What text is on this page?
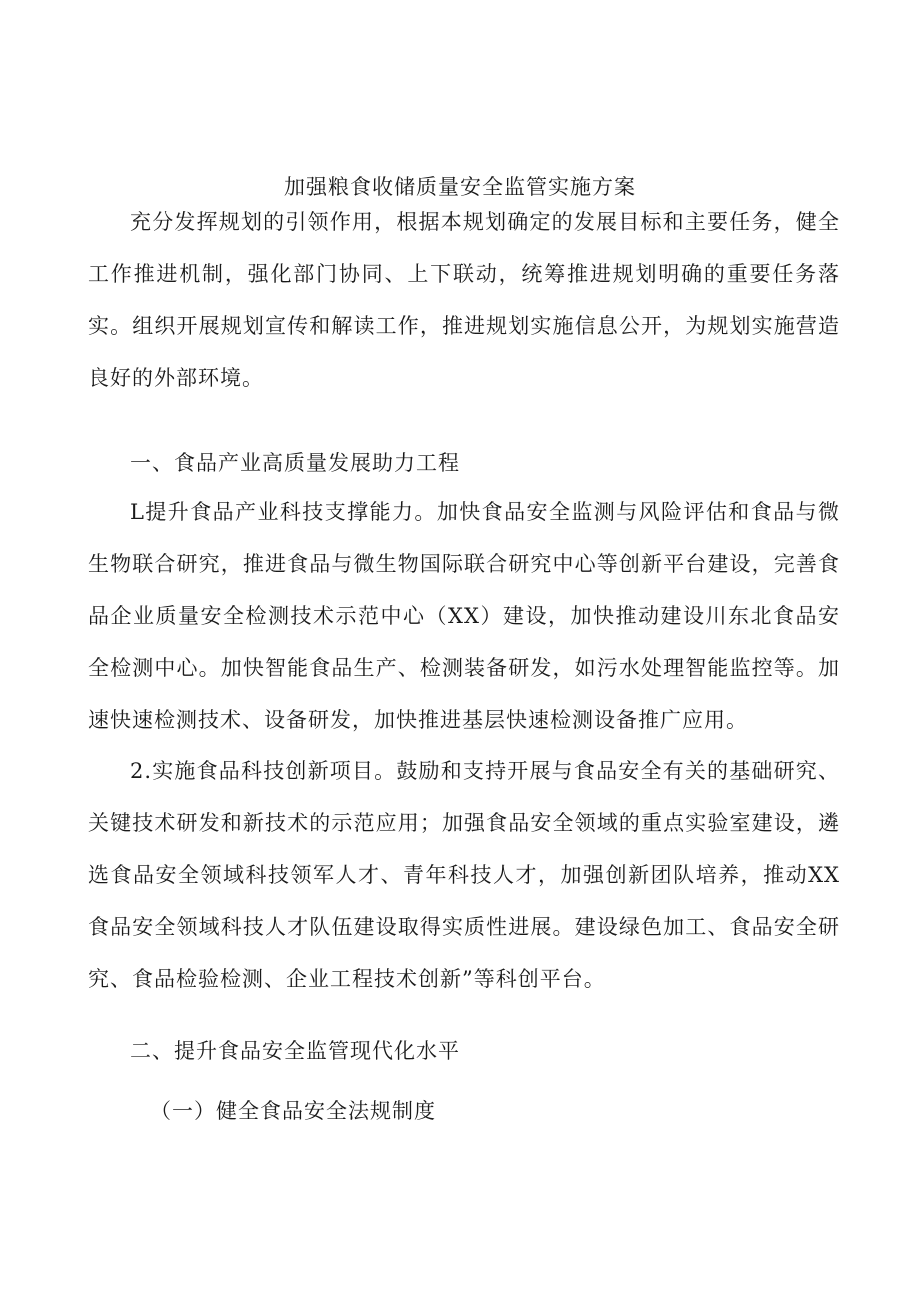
加强粮食收储质量安全监管实施方案

充分发挥规划的引领作用，根据本规划确定的发展目标和主要任务，健全工作推进机制，强化部门协同、上下联动，统筹推进规划明确的重要任务落实。组织开展规划宣传和解读工作，推进规划实施信息公开，为规划实施营造良好的外部环境。

一、食品产业高质量发展助力工程

L提升食品产业科技支撑能力。加快食品安全监测与风险评估和食品与微生物联合研究，推进食品与微生物国际联合研究中心等创新平台建设，完善食品企业质量安全检测技术示范中心（XX）建设，加快推动建设川东北食品安全检测中心。加快智能食品生产、检测装备研发，如污水处理智能监控等。加速快速检测技术、设备研发，加快推进基层快速检测设备推广应用。

2.实施食品科技创新项目。鼓励和支持开展与食品安全有关的基础研究、关键技术研发和新技术的示范应用；加强食品安全领域的重点实验室建设，遴选食品安全领域科技领军人才、青年科技人才，加强创新团队培养，推动XX食品安全领域科技人才队伍建设取得实质性进展。建设绿色加工、食品安全研究、食品检验检测、企业工程技术创新”等科创平台。

二、提升食品安全监管现代化水平
（一）健全食品安全法规制度
